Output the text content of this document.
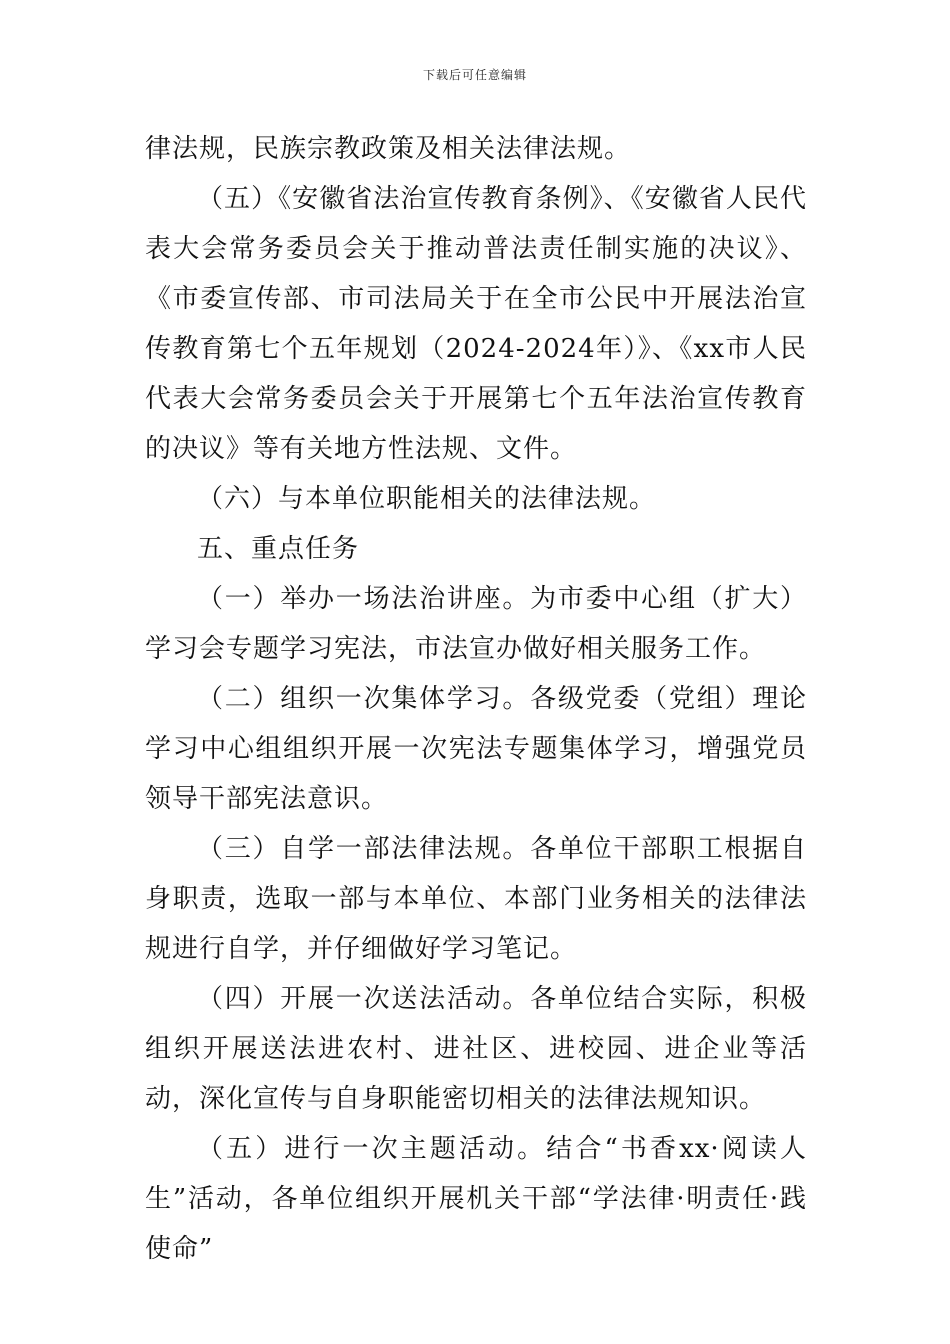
下载后可任意编辑

律法规，民族宗教政策及相关法律法规。

（五）《安徽省法治宣传教育条例》、《安徽省人民代表大会常务委员会关于推动普法责任制实施的决议》、《市委宣传部、市司法局关于在全市公民中开展法治宣传教育第七个五年规划（2024-2024年）》、《xx市人民代表大会常务委员会关于开展第七个五年法治宣传教育的决议》等有关地方性法规、文件。

（六）与本单位职能相关的法律法规。

五、重点任务

（一）举办一场法治讲座。为市委中心组（扩大）学习会专题学习宪法，市法宣办做好相关服务工作。

（二）组织一次集体学习。各级党委（党组）理论学习中心组组织开展一次宪法专题集体学习，增强党员领导干部宪法意识。

（三）自学一部法律法规。各单位干部职工根据自身职责，选取一部与本单位、本部门业务相关的法律法规进行自学，并仔细做好学习笔记。

（四）开展一次送法活动。各单位结合实际，积极组织开展送法进农村、进社区、进校园、进企业等活动，深化宣传与自身职能密切相关的法律法规知识。

（五）进行一次主题活动。结合“书香xx·阅读人生”活动，各单位组织开展机关干部“学法律·明责任·践使命”
